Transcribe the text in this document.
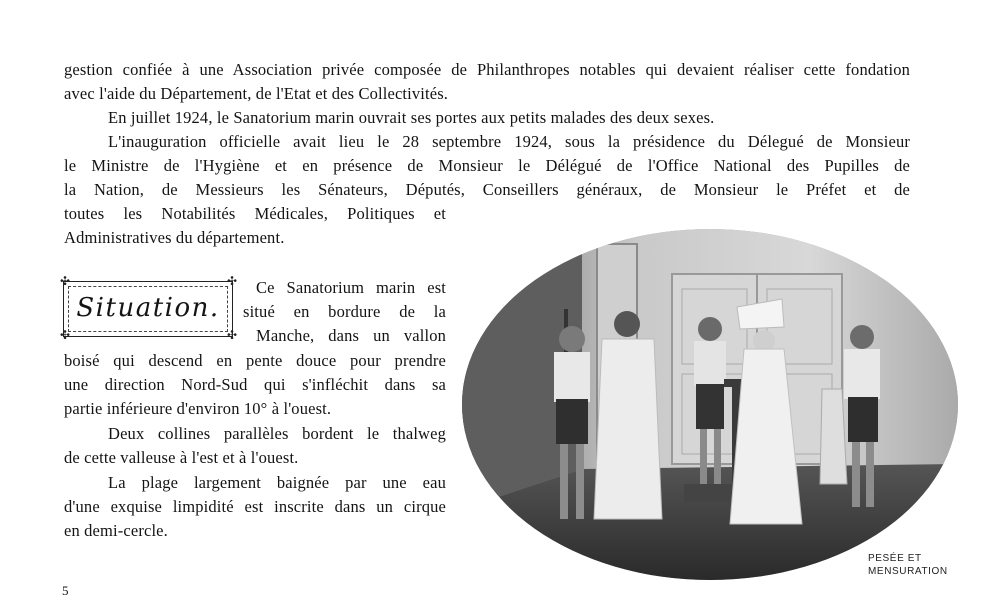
gestion confiée à une Association privée composée de Philanthropes notables qui devaient réaliser cette fondation
avec l'aide du Département, de l'Etat et des Collectivités.
En juillet 1924, le Sanatorium marin ouvrait ses portes aux petits malades des deux sexes.
L'inauguration officielle avait lieu le 28 septembre 1924, sous la présidence du Délegué de Monsieur
le Ministre de l'Hygiène et en présence de Monsieur le Délégué de l'Office National des Pupilles de
la Nation, de Messieurs les Sénateurs, Députés, Conseillers généraux, de Monsieur le Préfet et de
toutes les Notabilités Médicales, Politiques et
Administratives du département.
✣	✣
✣	✣
Situation.
Ce Sanatorium marin est
situé en bordure de la
Manche, dans un vallon
boisé qui descend en pente douce pour prendre
une direction Nord-Sud qui s'infléchit dans sa
partie inférieure d'environ 10° à l'ouest.
Deux collines parallèles bordent le thalweg
de cette valleuse à l'est et à l'ouest.
La plage largement baignée par une eau
d'une exquise limpidité est inscrite dans un cirque
en demi-cercle.
PESÉE ET
MENSURATION
5
